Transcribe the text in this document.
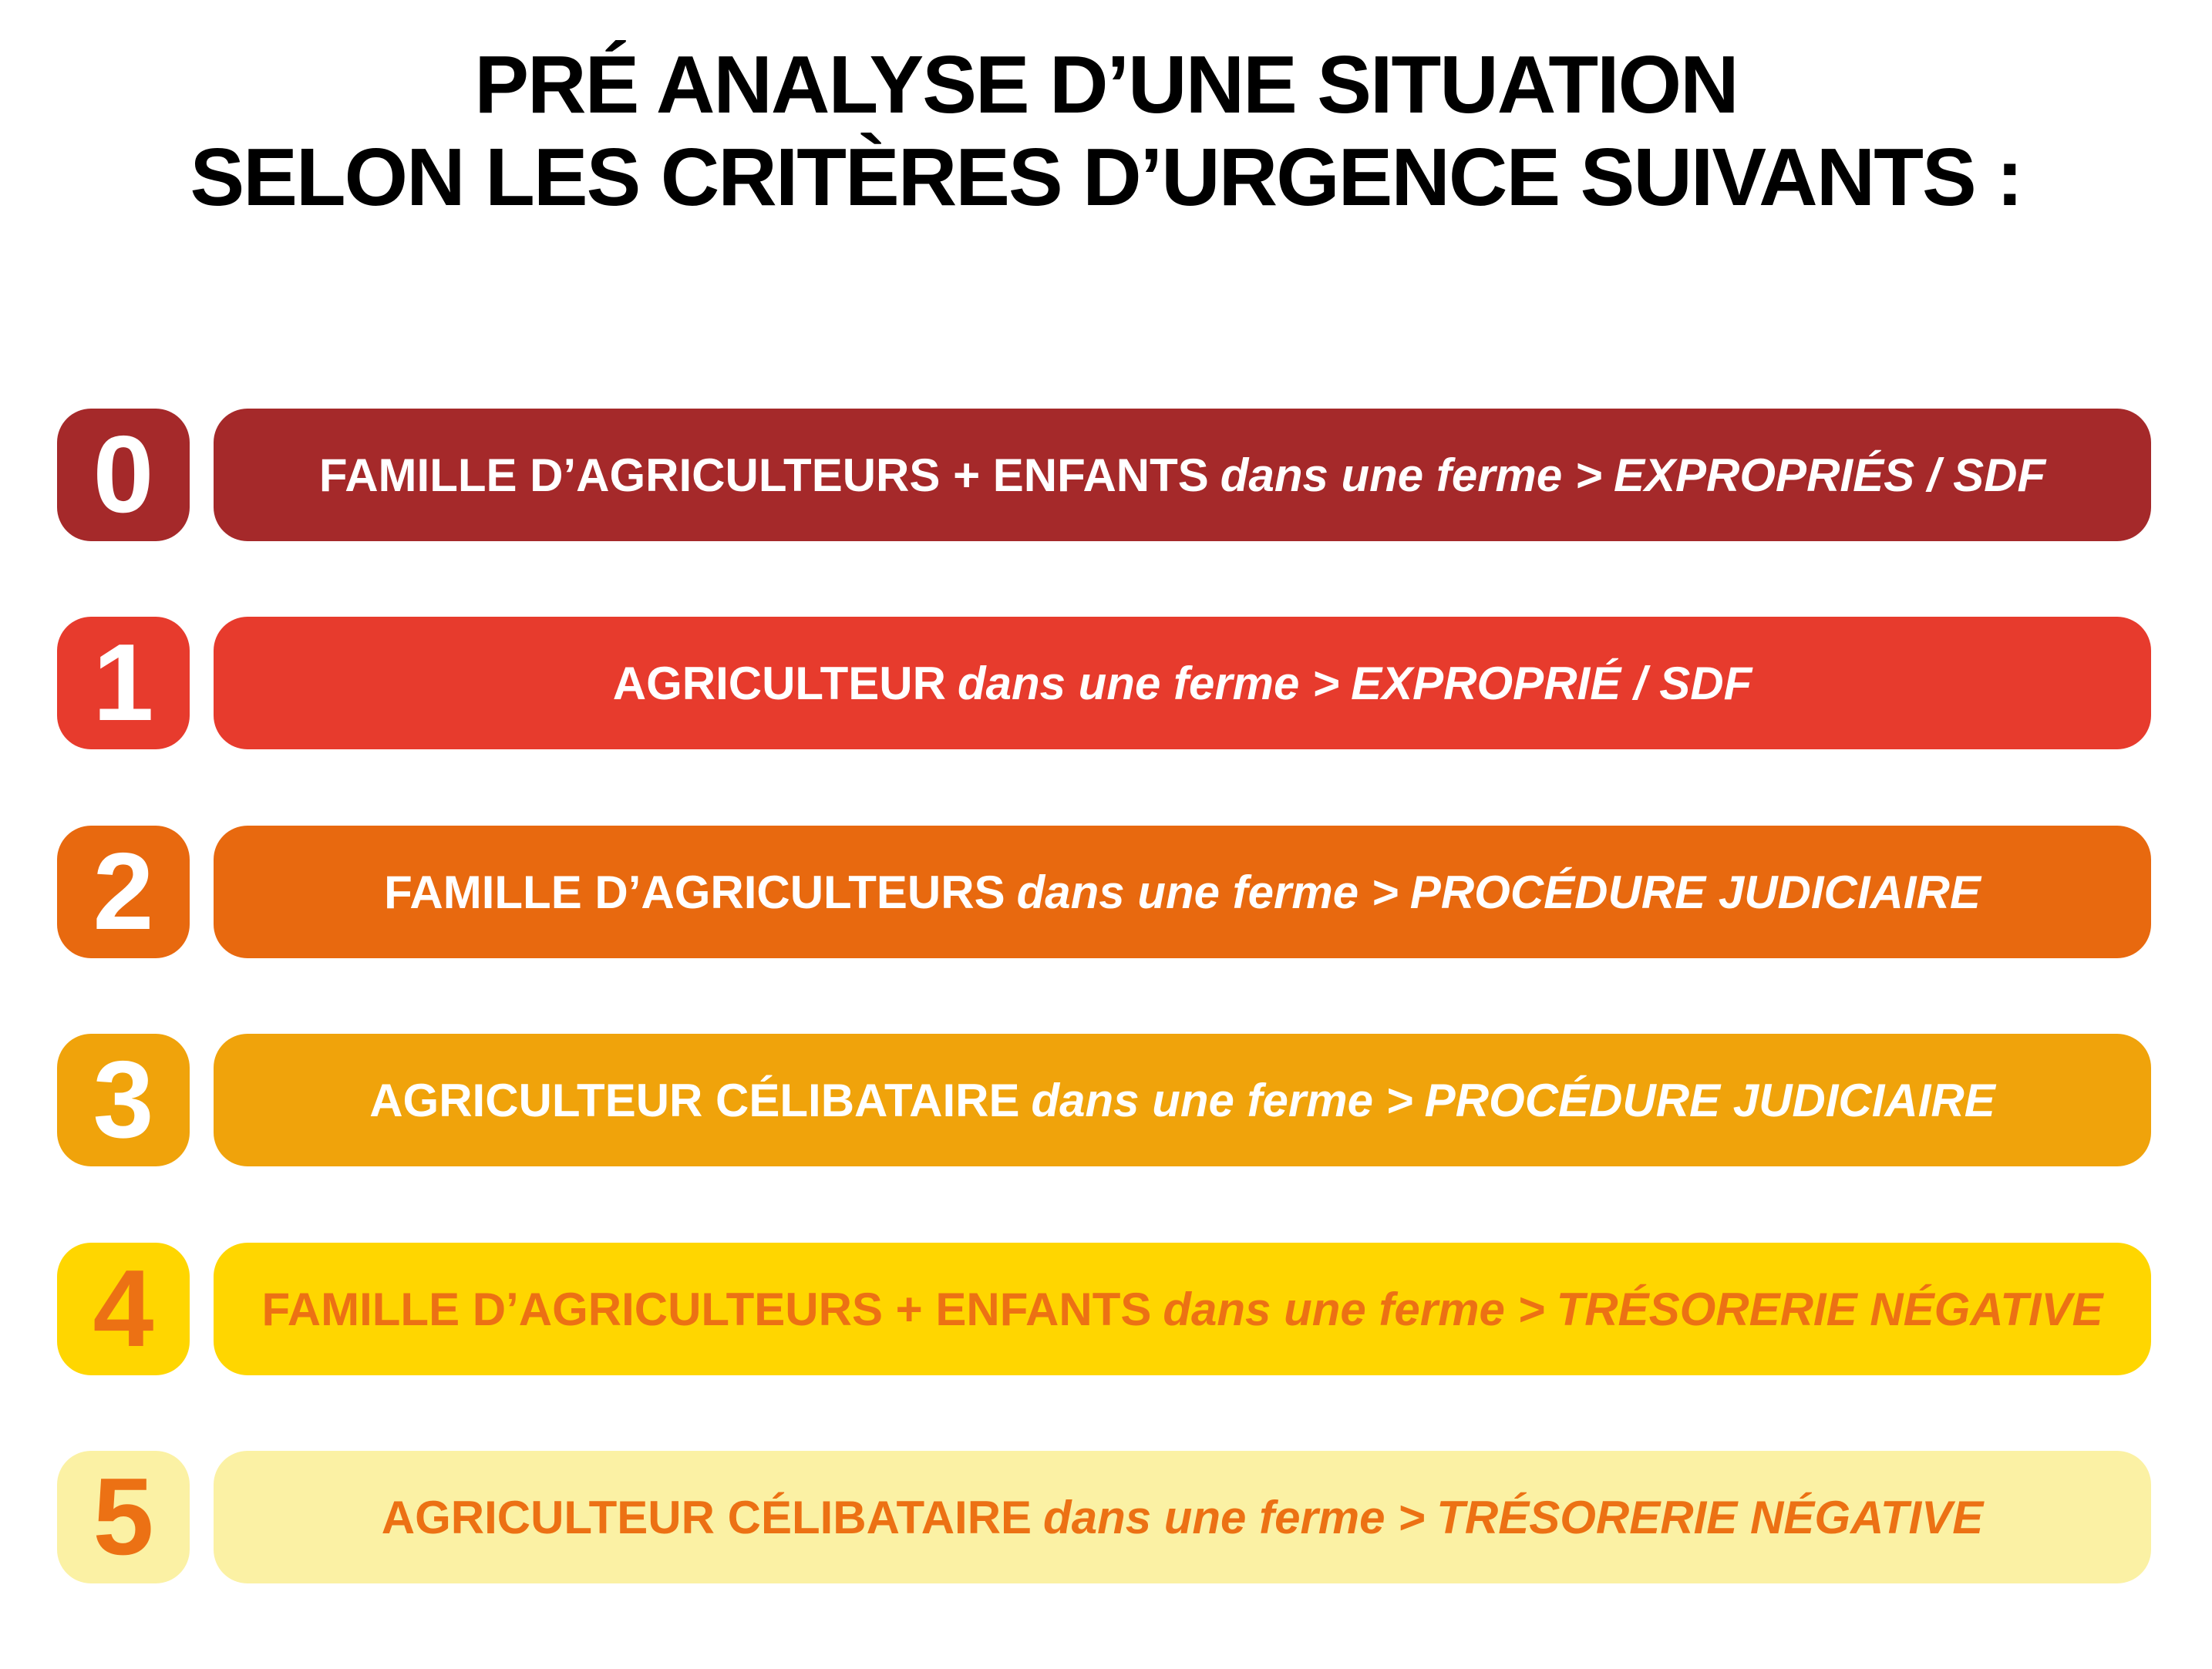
PRÉ ANALYSE D’UNE SITUATION
SELON LES CRITÈRES D’URGENCE SUIVANTS :
0	FAMILLE D’AGRICULTEURS + ENFANTS dans une ferme > EXPROPRIÉS / SDF
1	AGRICULTEUR dans une ferme > EXPROPRIÉ / SDF
2	FAMILLE D’AGRICULTEURS dans une ferme > PROCÉDURE JUDICIAIRE
3	AGRICULTEUR CÉLIBATAIRE dans une ferme > PROCÉDURE JUDICIAIRE
4 FAMILLE D’AGRICULTEURS + ENFANTS dans une ferme > TRÉSORERIE NÉGATIVE
5	AGRICULTEUR CÉLIBATAIRE dans une ferme > TRÉSORERIE NÉGATIVE
